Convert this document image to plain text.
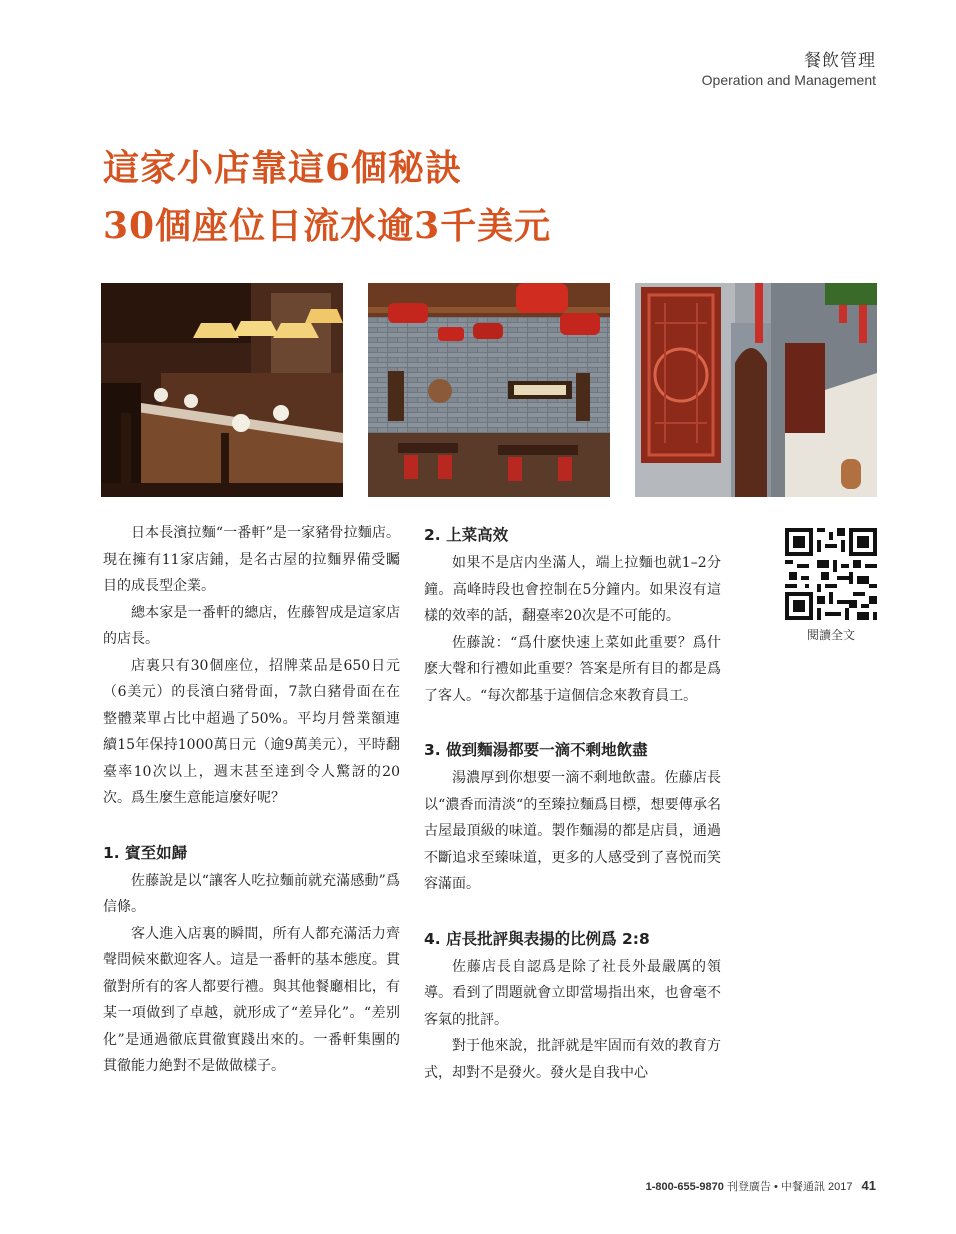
餐飲管理
Operation and Management
這家小店靠這6個秘訣
30個座位日流水逾3千美元

日本長濱拉麵“一番軒”是一家豬骨拉麵店。現在擁有11家店鋪，是名古屋的拉麵界備受矚目的成長型企業。

總本家是一番軒的總店，佐藤智成是這家店的店長。

店裏只有30個座位，招牌菜品是650日元（6美元）的長濱白豬骨面，7款白豬骨面在在整體菜單占比中超過了50%。平均月營業額連續15年保持1000萬日元（逾9萬美元），平時翻臺率10次以上，週末甚至達到令人驚訝的20次。爲生麼生意能這麼好呢？

1. 賓至如歸

佐藤說是以“讓客人吃拉麵前就充滿感動”爲信條。

客人進入店裏的瞬間，所有人都充滿活力齊聲問候來歡迎客人。這是一番軒的基本態度。貫徹對所有的客人都要行禮。與其他餐廳相比，有某一項做到了卓越，就形成了“差异化”。“差别化”是通過徹底貫徹實踐出來的。一番軒集團的貫徹能力絶對不是做做樣子。

2. 上菜高效

如果不是店内坐滿人，端上拉麵也就1–2分鐘。高峰時段也會控制在5分鐘内。如果沒有這樣的效率的話，翻臺率20次是不可能的。

佐藤說：“爲什麽快速上菜如此重要？爲什麽大聲和行禮如此重要？答案是所有目的都是爲了客人。“每次都基于這個信念來教育員工。

3. 做到麵湯都要一滴不剩地飲盡

湯濃厚到你想要一滴不剩地飲盡。佐藤店長以“濃香而清淡“的至臻拉麵爲目標，想要傳承名古屋最頂級的味道。製作麵湯的都是店員，通過不斷追求至臻味道，更多的人感受到了喜悦而笑容滿面。

4. 店長批評與表揚的比例爲 2:8

佐藤店長自認爲是除了社長外最嚴厲的領導。看到了問題就會立即當場指出來，也會毫不客氣的批評。

對于他來說，批評就是牢固而有效的教育方式，却對不是發火。發火是自我中心

閱讀全文
1-800-655-9870 刊登廣告 • 中餐通訊 2017 41
